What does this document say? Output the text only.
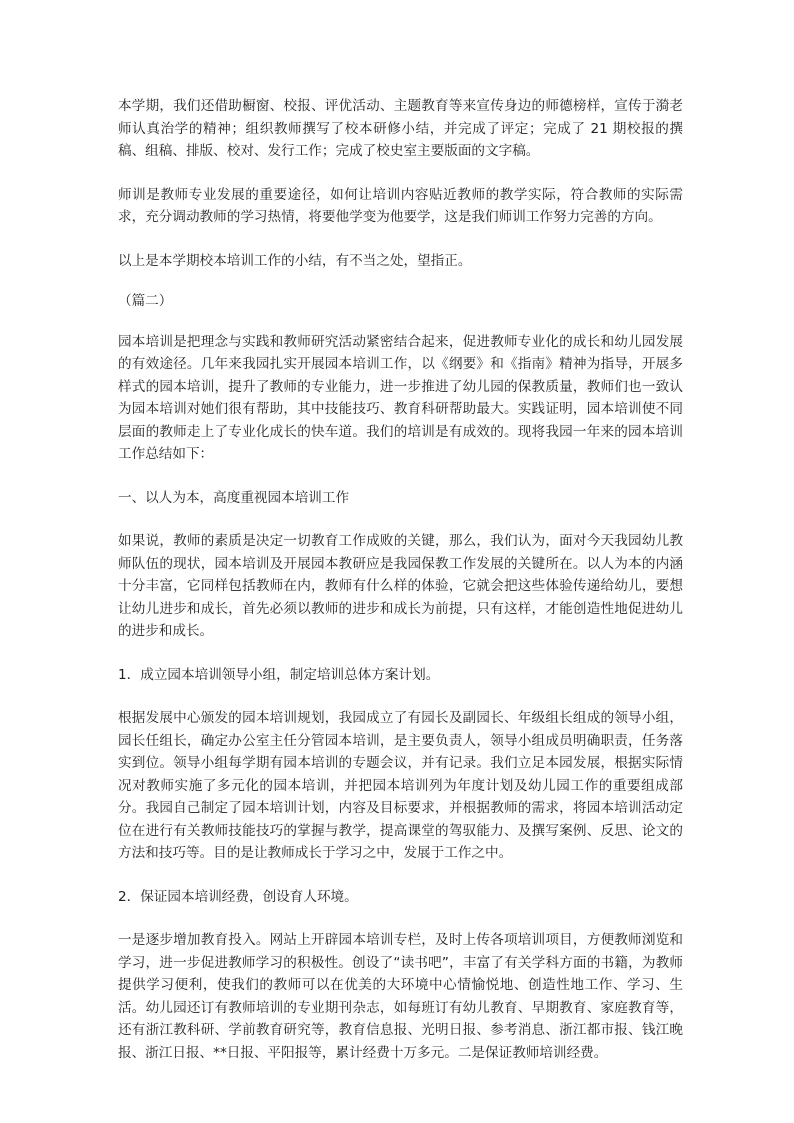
本学期，我们还借助橱窗、校报、评优活动、主题教育等来宣传身边的师德榜样，宣传于漪老师认真治学的精神；组织教师撰写了校本研修小结，并完成了评定；完成了 21 期校报的撰稿、组稿、排版、校对、发行工作；完成了校史室主要版面的文字稿。

师训是教师专业发展的重要途径，如何让培训内容贴近教师的教学实际，符合教师的实际需求，充分调动教师的学习热情，将要他学变为他要学，这是我们师训工作努力完善的方向。

以上是本学期校本培训工作的小结，有不当之处，望指正。

（篇二）

园本培训是把理念与实践和教师研究活动紧密结合起来，促进教师专业化的成长和幼儿园发展的有效途径。几年来我园扎实开展园本培训工作，以《纲要》和《指南》精神为指导，开展多样式的园本培训，提升了教师的专业能力，进一步推进了幼儿园的保教质量，教师们也一致认为园本培训对她们很有帮助，其中技能技巧、教育科研帮助最大。实践证明，园本培训使不同层面的教师走上了专业化成长的快车道。我们的培训是有成效的。现将我园一年来的园本培训工作总结如下：

一、以人为本，高度重视园本培训工作

如果说，教师的素质是决定一切教育工作成败的关键，那么，我们认为，面对今天我园幼儿教师队伍的现状，园本培训及开展园本教研应是我园保教工作发展的关键所在。以人为本的内涵十分丰富，它同样包括教师在内，教师有什么样的体验，它就会把这些体验传递给幼儿，要想让幼儿进步和成长，首先必须以教师的进步和成长为前提，只有这样，才能创造性地促进幼儿的进步和成长。

1．成立园本培训领导小组，制定培训总体方案计划。

根据发展中心颁发的园本培训规划，我园成立了有园长及副园长、年级组长组成的领导小组，园长任组长，确定办公室主任分管园本培训，是主要负责人，领导小组成员明确职责，任务落实到位。领导小组每学期有园本培训的专题会议，并有记录。我们立足本园发展，根据实际情况对教师实施了多元化的园本培训，并把园本培训列为年度计划及幼儿园工作的重要组成部分。我园自己制定了园本培训计划，内容及目标要求，并根据教师的需求，将园本培训活动定位在进行有关教师技能技巧的掌握与教学，提高课堂的驾驭能力、及撰写案例、反思、论文的方法和技巧等。目的是让教师成长于学习之中，发展于工作之中。

2．保证园本培训经费，创设育人环境。

一是逐步增加教育投入。网站上开辟园本培训专栏，及时上传各项培训项目，方便教师浏览和学习，进一步促进教师学习的积极性。创设了“读书吧”，丰富了有关学科方面的书籍，为教师提供学习便利，使我们的教师可以在优美的大环境中心情愉悦地、创造性地工作、学习、生活。幼儿园还订有教师培训的专业期刊杂志，如每班订有幼儿教育、早期教育、家庭教育等，还有浙江教科研、学前教育研究等，教育信息报、光明日报、参考消息、浙江都市报、钱江晚报、浙江日报、**日报、平阳报等，累计经费十万多元。二是保证教师培训经费。
